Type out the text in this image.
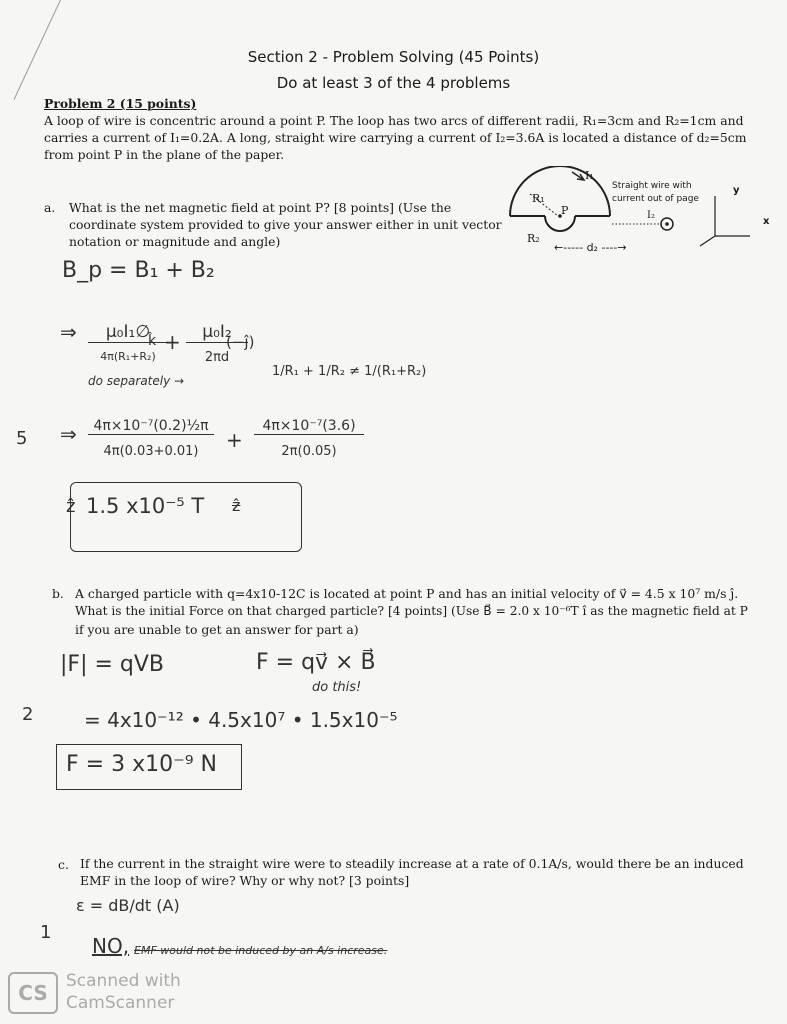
Section 2 - Problem Solving (45 Points)
Do at least 3 of the 4 problems
Problem 2 (15 points)
A loop of wire is concentric around a point P. The loop has two arcs of different radii, R₁=3cm and R₂=1cm and
carries a current of I₁=0.2A. A long, straight wire carrying a current of I₂=3.6A is located a distance of d₂=5cm
from point P in the plane of the paper.
I₁
R₁
P
R₂
I₂
←----- d₂ ----→
Straight wire with
current out of page
y
x
a. What is the net magnetic field at point P? [8 points] (Use the
coordinate system provided to give your answer either in unit vector
notation or magnitude and angle)
B_p = B₁ + B₂
⇒	μ₀I₁∅
4π(R₁+R₂)
k̂ +	μ₀I₂
2πd
(−ĵ)
do separately →
1/R₁ + 1/R₂ ≠ 1/(R₁+R₂)
⇒	4π×10⁻⁷(0.2)½π
4π(0.03+0.01)	+
4π×10⁻⁷(3.6)
2π(0.05)
ẑ 1.5 x10⁻⁵ T ẑ
5
b. A charged particle with q=4x10-12C is located at point P and has an initial velocity of v⃗ = 4.5 x 10⁷ m/s ĵ.
What is the initial Force on that charged particle? [4 points] (Use B⃗ = 2.0 x 10⁻⁶T î as the magnetic field at P
if you are unable to get an answer for part a)
|F| = qVB	F = qv⃗ × B⃗
do this!
= 4x10⁻¹² • 4.5x10⁷ • 1.5x10⁻⁵
F = 3 x10⁻⁹ N
2
c. If the current in the straight wire were to steadily increase at a rate of 0.1A/s, would there be an induced
EMF in the loop of wire? Why or why not? [3 points]
ε = dB/dt (A)
NO, EMF would not be induced by an A/s increase.
1
CS	Scanned with
CamScanner
